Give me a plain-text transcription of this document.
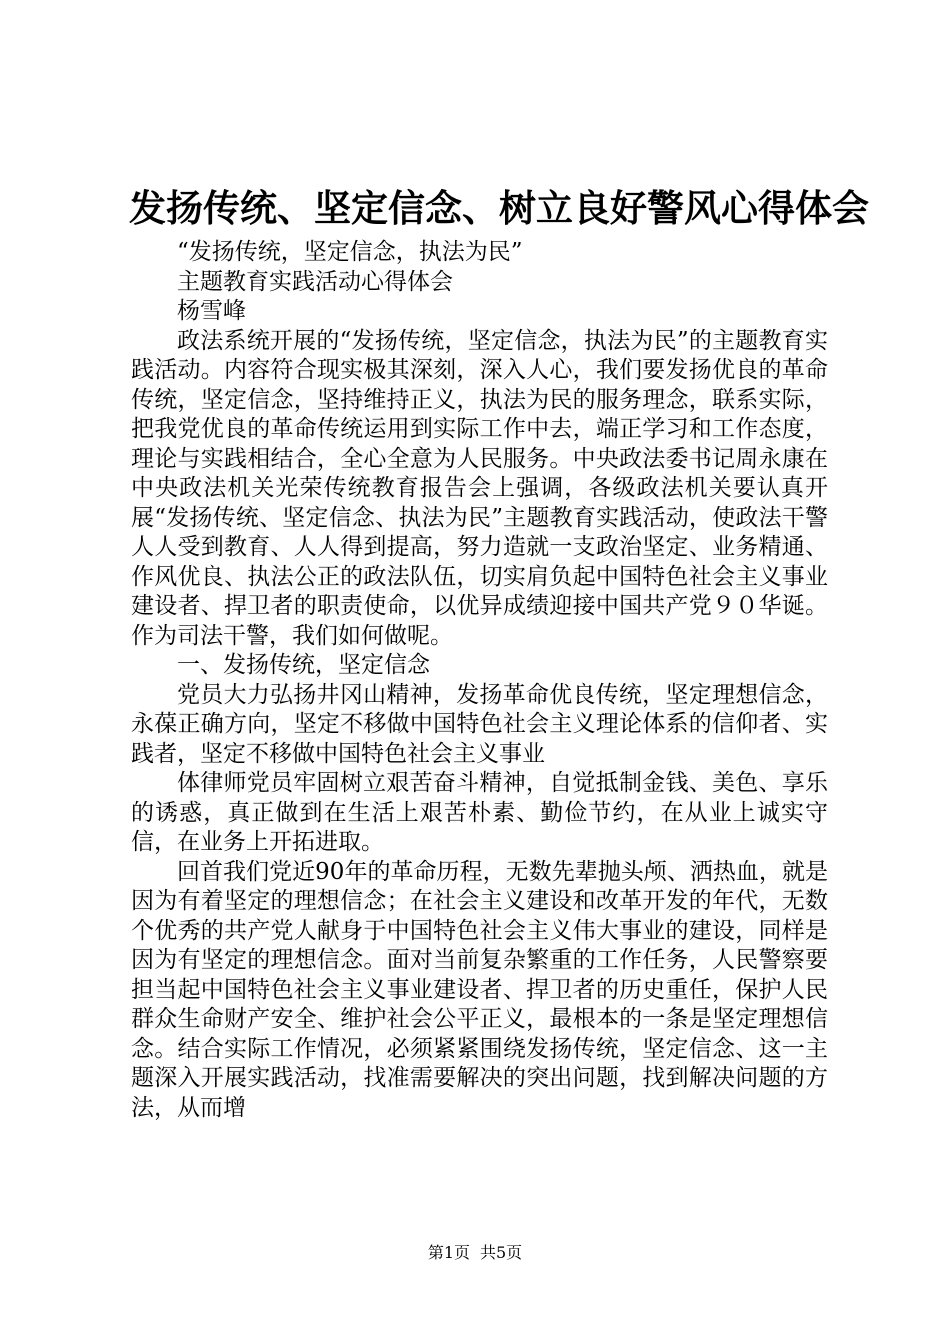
发扬传统、坚定信念、树立良好警风心得体会

“发扬传统，坚定信念，执法为民”

主题教育实践活动心得体会

杨雪峰

政法系统开展的“发扬传统，坚定信念，执法为民”的主题教育实践活动。内容符合现实极其深刻，深入人心，我们要发扬优良的革命传统，坚定信念，坚持维持正义，执法为民的服务理念，联系实际，把我党优良的革命传统运用到实际工作中去，端正学习和工作态度，理论与实践相结合，全心全意为人民服务。中央政法委书记周永康在中央政法机关光荣传统教育报告会上强调，各级政法机关要认真开展“发扬传统、坚定信念、执法为民”主题教育实践活动，使政法干警人人受到教育、人人得到提高，努力造就一支政治坚定、业务精通、作风优良、执法公正的政法队伍，切实肩负起中国特色社会主义事业建设者、捍卫者的职责使命，以优异成绩迎接中国共产党９０华诞。作为司法干警，我们如何做呢。

一、发扬传统，坚定信念

党员大力弘扬井冈山精神，发扬革命优良传统，坚定理想信念，永葆正确方向，坚定不移做中国特色社会主义理论体系的信仰者、实践者，坚定不移做中国特色社会主义事业

体律师党员牢固树立艰苦奋斗精神，自觉抵制金钱、美色、享乐的诱惑，真正做到在生活上艰苦朴素、勤俭节约，在从业上诚实守信，在业务上开拓进取。

回首我们党近90年的革命历程，无数先辈抛头颅、洒热血，就是因为有着坚定的理想信念；在社会主义建设和改革开发的年代，无数个优秀的共产党人献身于中国特色社会主义伟大事业的建设，同样是因为有坚定的理想信念。面对当前复杂繁重的工作任务，人民警察要担当起中国特色社会主义事业建设者、捍卫者的历史重任，保护人民群众生命财产安全、维护社会公平正义，最根本的一条是坚定理想信念。结合实际工作情况，必须紧紧围绕发扬传统，坚定信念、这一主题深入开展实践活动，找准需要解决的突出问题，找到解决问题的方法，从而增

第1页 共5页
